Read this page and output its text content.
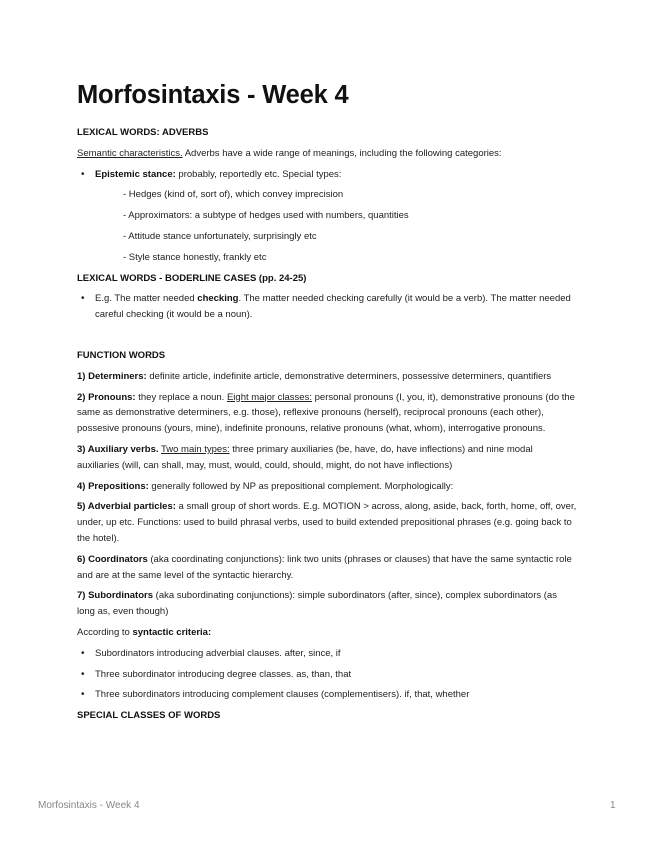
Morfosintaxis - Week 4
LEXICAL WORDS: ADVERBS

Semantic characteristics. Adverbs have a wide range of meanings, including the following categories:

• Epistemic stance: probably, reportedly etc. Special types:
- Hedges (kind of, sort of), which convey imprecision
- Approximators: a subtype of hedges used with numbers, quantities
- Attitude stance unfortunately, surprisingly etc
- Style stance honestly, frankly etc
LEXICAL WORDS - BODERLINE CASES (pp. 24-25)
• E.g. The matter needed checking. The matter needed checking carefully (it would be a verb). The matter needed careful checking (it would be a noun).
FUNCTION WORDS

1) Determiners: definite article, indefinite article, demonstrative determiners, possessive determiners, quantifiers

2) Pronouns: they replace a noun. Eight major classes: personal pronouns (I, you, it), demonstrative pronouns (do the same as demonstrative determiners, e.g. those), reflexive pronouns (herself), reciprocal pronouns (each other), possesive pronouns (yours, mine), indefinite pronouns, relative pronouns (what, whom), interrogative pronouns.

3) Auxiliary verbs. Two main types: three primary auxiliaries (be, have, do, have inflections) and nine modal auxiliaries (will, can shall, may, must, would, could, should, might, do not have inflections)

4) Prepositions: generally followed by NP as prepositional complement. Morphologically:

5) Adverbial particles: a small group of short words. E.g. MOTION > across, along, aside, back, forth, home, off, over, under, up etc. Functions: used to build phrasal verbs, used to build extended prepositional phrases (e.g. going back to the hotel).

6) Coordinators (aka coordinating conjunctions): link two units (phrases or clauses) that have the same syntactic role and are at the same level of the syntactic hierarchy.

7) Subordinators (aka subordinating conjunctions): simple subordinators (after, since), complex subordinators (as long as, even though)

According to syntactic criteria:

• Subordinators introducing adverbial clauses. after, since, if
• Three subordinator introducing degree classes. as, than, that
• Three subordinators introducing complement clauses (complementisers). if, that, whether
SPECIAL CLASSES OF WORDS
Morfosintaxis - Week 4	1
